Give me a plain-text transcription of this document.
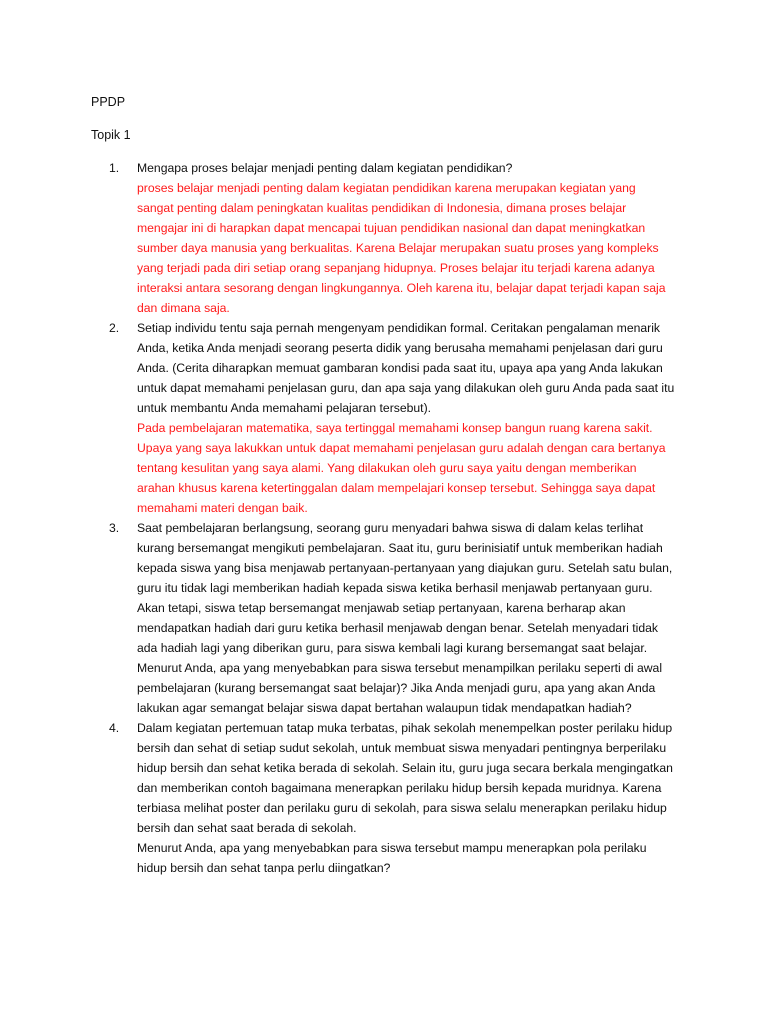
PPDP
Topik 1
1.	Mengapa proses belajar menjadi penting dalam kegiatan pendidikan?
proses belajar menjadi penting dalam kegiatan pendidikan karena merupakan kegiatan yang sangat penting dalam peningkatan kualitas pendidikan di Indonesia, dimana proses belajar mengajar ini di harapkan dapat mencapai tujuan pendidikan nasional dan dapat meningkatkan sumber daya manusia yang berkualitas. Karena Belajar merupakan suatu proses yang kompleks yang terjadi pada diri setiap orang sepanjang hidupnya. Proses belajar itu terjadi karena adanya interaksi antara sesorang dengan lingkungannya. Oleh karena itu, belajar dapat terjadi kapan saja dan dimana saja.
2.	Setiap individu tentu saja pernah mengenyam pendidikan formal. Ceritakan pengalaman menarik Anda, ketika Anda menjadi seorang peserta didik yang berusaha memahami penjelasan dari guru Anda. (Cerita diharapkan memuat gambaran kondisi pada saat itu, upaya apa yang Anda lakukan untuk dapat memahami penjelasan guru, dan apa saja yang dilakukan oleh guru Anda pada saat itu untuk membantu Anda memahami pelajaran tersebut).
Pada pembelajaran matematika, saya tertinggal memahami konsep bangun ruang karena sakit. Upaya yang saya lakukkan untuk dapat memahami penjelasan guru adalah dengan cara bertanya tentang kesulitan yang saya alami. Yang dilakukan oleh guru saya yaitu dengan memberikan arahan khusus karena ketertinggalan dalam mempelajari konsep tersebut. Sehingga saya dapat memahami materi dengan baik.
3.	Saat pembelajaran berlangsung, seorang guru menyadari bahwa siswa di dalam kelas terlihat kurang bersemangat mengikuti pembelajaran. Saat itu, guru berinisiatif untuk memberikan hadiah kepada siswa yang bisa menjawab pertanyaan-pertanyaan yang diajukan guru. Setelah satu bulan, guru itu tidak lagi memberikan hadiah kepada siswa ketika berhasil menjawab pertanyaan guru. Akan tetapi, siswa tetap bersemangat menjawab setiap pertanyaan, karena berharap akan mendapatkan hadiah dari guru ketika berhasil menjawab dengan benar. Setelah menyadari tidak ada hadiah lagi yang diberikan guru, para siswa kembali lagi kurang bersemangat saat belajar.
Menurut Anda, apa yang menyebabkan para siswa tersebut menampilkan perilaku seperti di awal pembelajaran (kurang bersemangat saat belajar)? Jika Anda menjadi guru, apa yang akan Anda lakukan agar semangat belajar siswa dapat bertahan walaupun tidak mendapatkan hadiah?
4.	Dalam kegiatan pertemuan tatap muka terbatas, pihak sekolah menempelkan poster perilaku hidup bersih dan sehat di setiap sudut sekolah, untuk membuat siswa menyadari pentingnya berperilaku hidup bersih dan sehat ketika berada di sekolah. Selain itu, guru juga secara berkala mengingatkan dan memberikan contoh bagaimana menerapkan perilaku hidup bersih kepada muridnya. Karena terbiasa melihat poster dan perilaku guru di sekolah, para siswa selalu menerapkan perilaku hidup bersih dan sehat saat berada di sekolah.
Menurut Anda, apa yang menyebabkan para siswa tersebut mampu menerapkan pola perilaku hidup bersih dan sehat tanpa perlu diingatkan?
